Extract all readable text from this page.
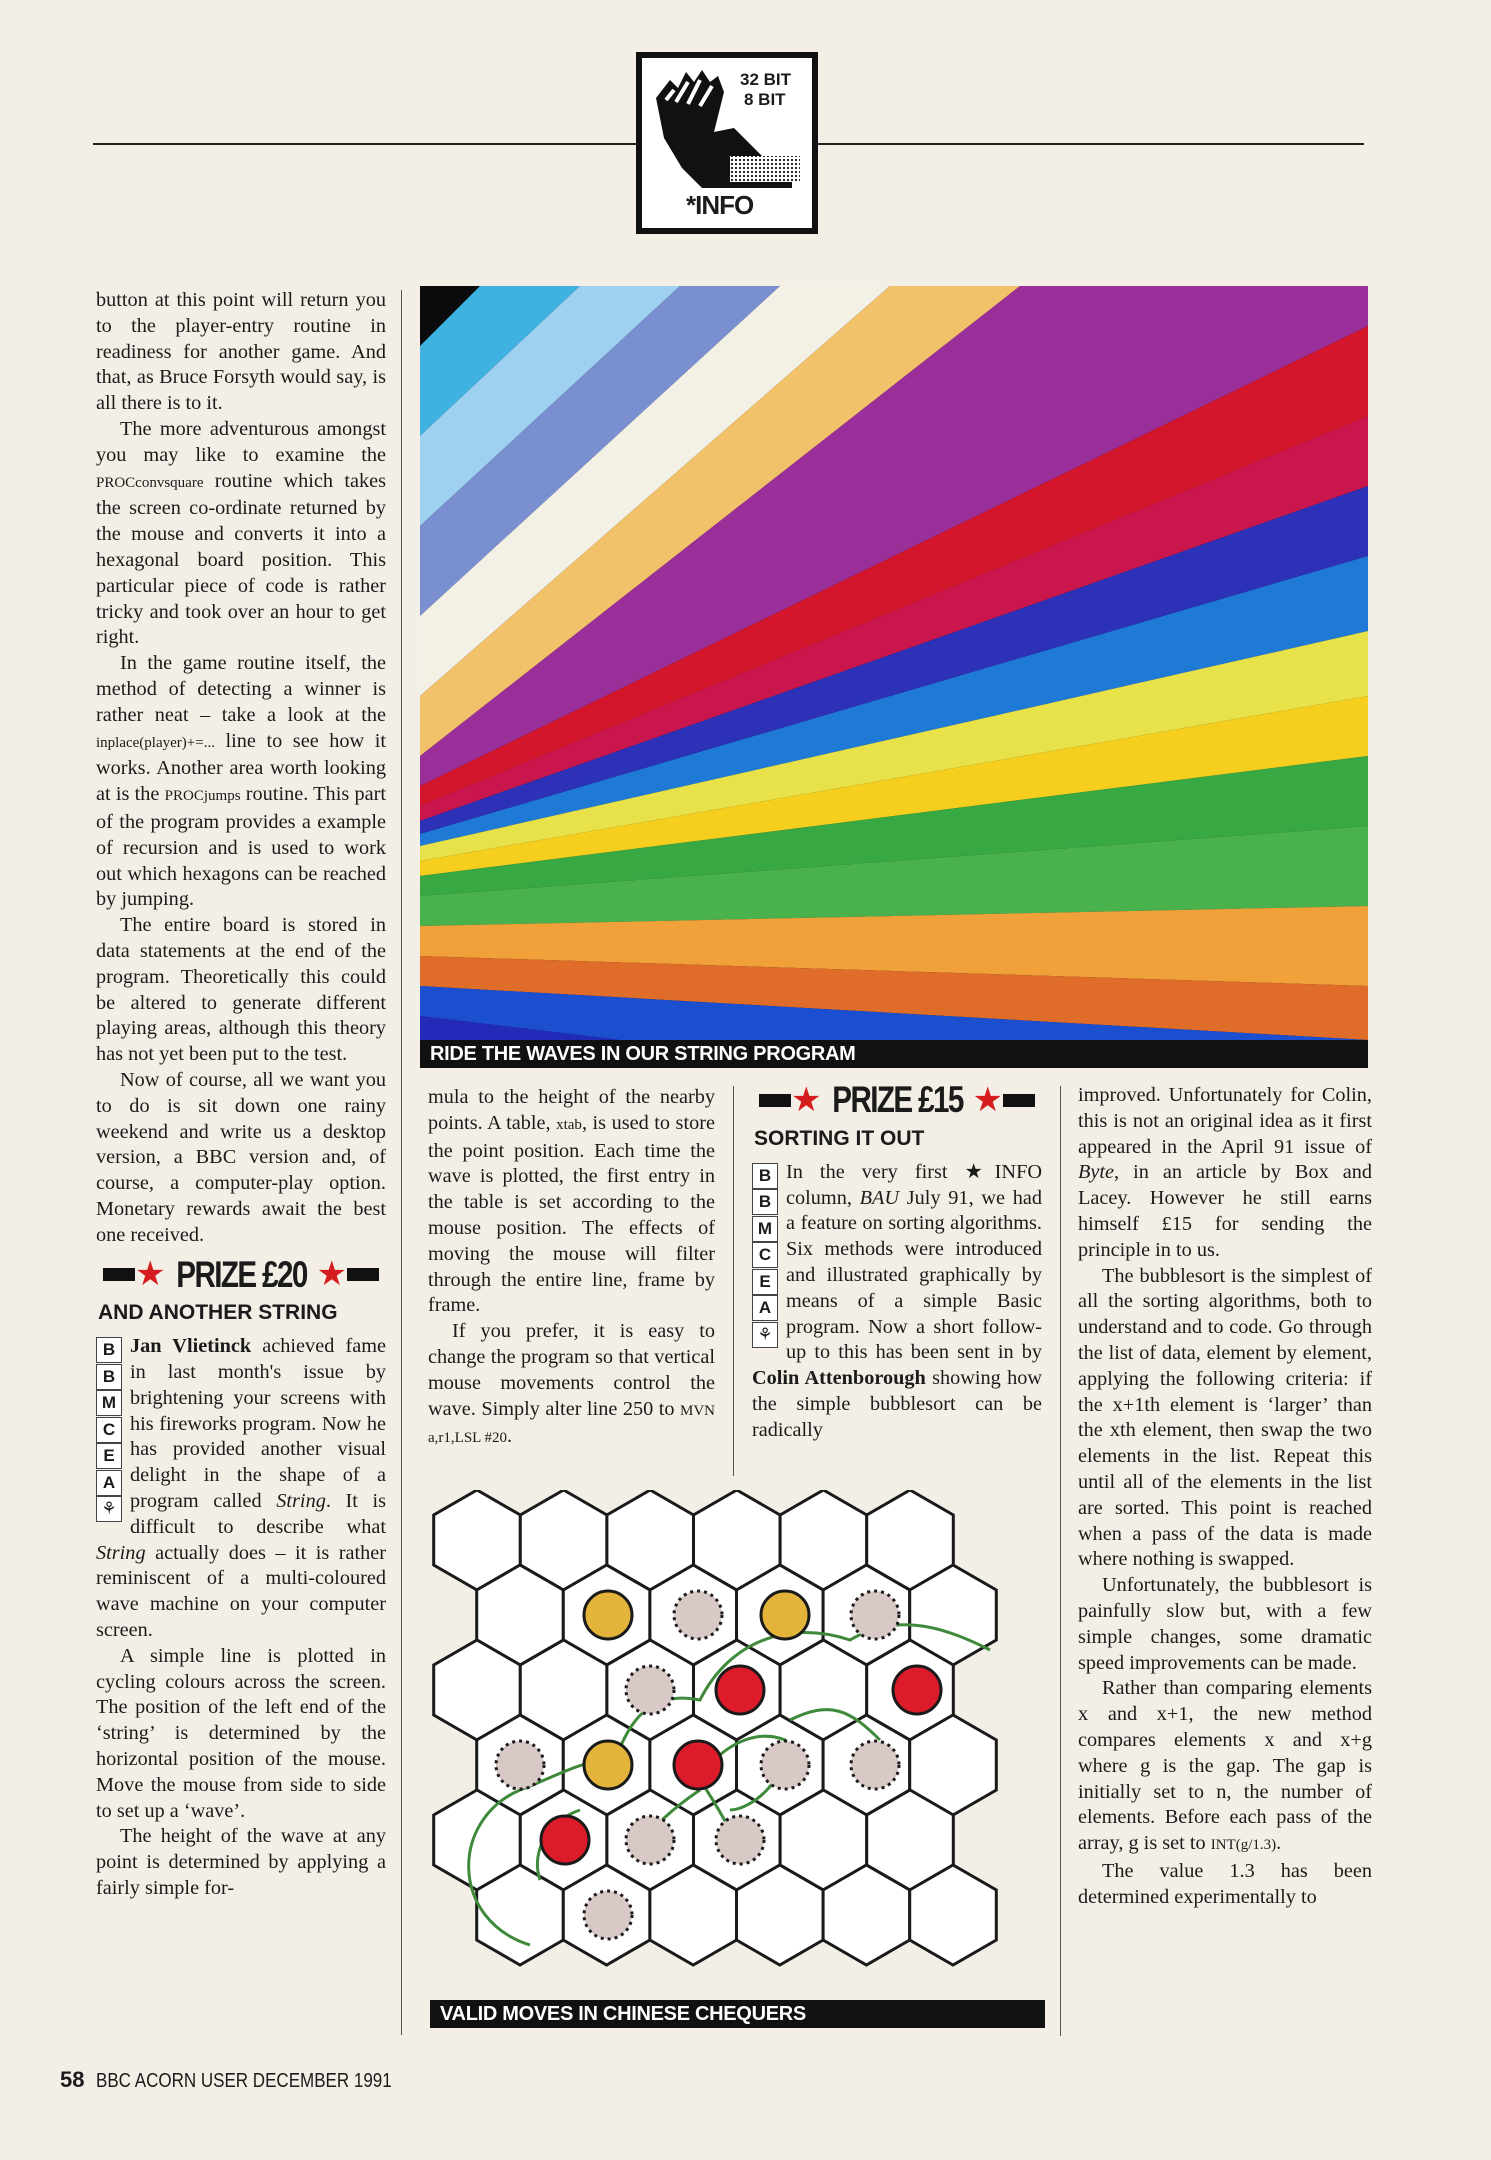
32 BIT
8 BIT
*INFO
RIDE THE WAVES IN OUR STRING PROGRAM

button at this point will return you to the player-entry routine in readiness for another game. And that, as Bruce Forsyth would say, is all there is to it.

The more adventurous amongst you may like to examine the PROCconvsquare routine which takes the screen co-ordinate returned by the mouse and converts it into a hexagonal board position. This particular piece of code is rather tricky and took over an hour to get right.

In the game routine itself, the method of detecting a winner is rather neat – take a look at the inplace(player)+=... line to see how it works. Another area worth looking at is the PROCjumps routine. This part of the program provides a example of recursion and is used to work out which hexagons can be reached by jumping.

The entire board is stored in data statements at the end of the program. Theoretically this could be altered to generate different playing areas, although this theory has not yet been put to the test.

Now of course, all we want you to do is sit down one rainy weekend and write us a desktop version, a BBC version and, of course, a computer-play option. Monetary rewards await the best one received.

★ PRIZE £20 ★
AND ANOTHER STRING
B
B
M
C
E
A
⚘

Jan Vlietinck achieved fame in last month's issue by brightening your screens with his fireworks program. Now he has provided another visual delight in the shape of a program called String. It is difficult to describe what String actually does – it is rather reminiscent of a multi-coloured wave machine on your computer screen.

A simple line is plotted in cycling colours across the screen. The position of the left end of the ‘string’ is determined by the horizontal position of the mouse. Move the mouse from side to side to set up a ‘wave’.

The height of the wave at any point is determined by applying a fairly simple for-

mula to the height of the nearby points. A table, xtab, is used to store the point position. Each time the wave is plotted, the first entry in the table is set according to the mouse position. The effects of moving the mouse will filter through the entire line, frame by frame.

If you prefer, it is easy to change the program so that vertical mouse movements control the wave. Simply alter line 250 to MVN a,r1,LSL #20.

★ PRIZE £15 ★
SORTING IT OUT
B
B
M
C
E
A
⚘

In the very first ★INFO column, BAU July 91, we had a feature on sorting algorithms. Six methods were introduced and illustrated graphically by means of a simple Basic program. Now a short follow-up to this has been sent in by Colin Attenborough showing how the simple bubblesort can be radically

improved. Unfortunately for Colin, this is not an original idea as it first appeared in the April 91 issue of Byte, in an article by Box and Lacey. However he still earns himself £15 for sending the principle in to us.

The bubblesort is the simplest of all the sorting algorithms, both to understand and to code. Go through the list of data, element by element, applying the following criteria: if the x+1th element is ‘larger’ than the xth element, then swap the two elements in the list. Repeat this until all of the elements in the list are sorted. This point is reached when a pass of the data is made where nothing is swapped.

Unfortunately, the bubblesort is painfully slow but, with a few simple changes, some dramatic speed improvements can be made.

Rather than comparing elements x and x+1, the new method compares elements x and x+g where g is the gap. The gap is initially set to n, the number of elements. Before each pass of the array, g is set to INT(g/1.3).

The value 1.3 has been determined experimentally to

VALID MOVES IN CHINESE CHEQUERS
58 BBC ACORN USER DECEMBER 1991
